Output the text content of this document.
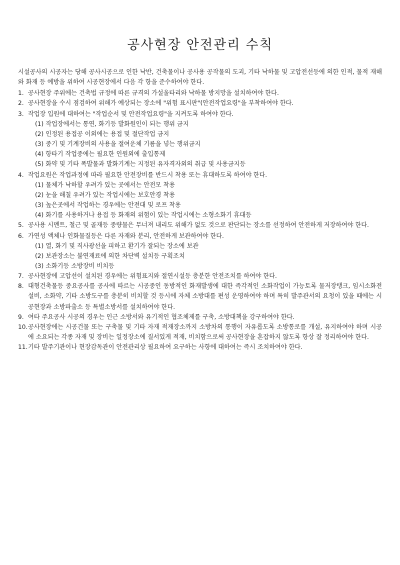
공사현장 안전관리 수칙

시설공사의 시공자는 당해 공사시공으로 인한 낙반, 건축물이나 공사용 공작물의 도괴, 기타 낙하물 및 고압전선등에 의한 인적, 물적 재해와 화재 등 예방을 위하여 시공현장에서 다음 각 항을 준수하여야 한다.

1. 공사현장 주위에는 건축법 규정에 따른 규격의 가설울타리와 낙하물 방지망을 설치하여야 한다.
2. 공사현장을 수시 점검하여 위해가 예상되는 장소에 "위험 표시판"(안전작업요령"을 부착하여야 한다.
3. 작업장 입원에 대하여는 "작업순서 및 안전작업요령"을 지켜도록 하여야 한다.
(1) 작업장에서는 통연, 화기등 발화원인이 되는 행위 금지
(2) 인정된 용접공 이외에는 용접 및 절단작업 금지
(3) 중기 및 기계장비의 사용을 절여운체 기름을 넣는 행위금지
(4) 항타기 작업중에는 필요한 인원외에 출입통제
(5) 화약 및 기타 폭발물과 발화기계는 지정된 유자격자외의 취급 및 사용금지등
4. 작업요원은 작업과정에 따라 필요한 안전장비를 반드시 착용 또는 휴대하도록 하여야 한다.
(1) 물체가 낙하할 우려가 있는 곳에서는 안전모 착용
(2) 눈을 해칠 우려가 있는 작업시에는 보호안경 착용
(3) 높은곳에서 작업하는 경우에는 안전대 및 로프 착용
(4) 화기를 사용하거나 용접 등 화재의 위험이 있는 작업시에는 소형소화기 휴대등
5. 공사용 시멘트, 철근 및 골재등 중량물은 무너져 내리도 위해가 없도 것으로 판단되는 장소를 선정하여 안전하게 저장하여야 한다.
6. 가연성 액체나 인화물질등은 다른 자재와 분리, 안전하게 보관하여야 한다.
(1) 열, 화기 및 직사광선을 피하고 환기가 잘되는 장소에 보관
(2) 보관장소는 불연재료에 의한 차단벽 설치등 구획조치
(3) 소화기등 소방장비 비치등
7. 공사현장에 고압선이 설치된 경우에는 위험표지와 절연시설등 충분한 안전조치를 하여야 한다.
8. 대형건축물등 중요공사를 공사에 따르는 시공중인 동방적인 화재발생에 대한 즉각적인 소화작업이 가능토록 물저장탱크, 임시소화전설비, 소화약, 기타 소방도구를 충분히 비치할 것 등시에 자체 소방대를 편성 운영하여야 하며 특히 발주관서의 요청이 있을 때에는 시공현장과 소방파출소 등 특별소방서를 설치하여야 한다.
9. 여타 주요공사 시공의 경우는 인근 소방서와 유기적인 협조체제를 구축, 소방대책을 강구하여야 한다.
10. 공사현장에는 시공건물 또는 구축물 및 기타 자재 적재장소까지 소방차의 통행이 자유롭도록 소방통로를 개설, 유지하여야 하며 시공에 소요되는 각종 자재 및 장비는 일정장소에 질서있게 적재, 비치함으로써 공사현장을 혼잡하지 않도록 항상 잘 정리하여야 한다.
11. 기타 발주기관이나 현장감독관이 안전관리상 필요하여 요구하는 사항에 대하여는 즉시 조치하여야 한다.
